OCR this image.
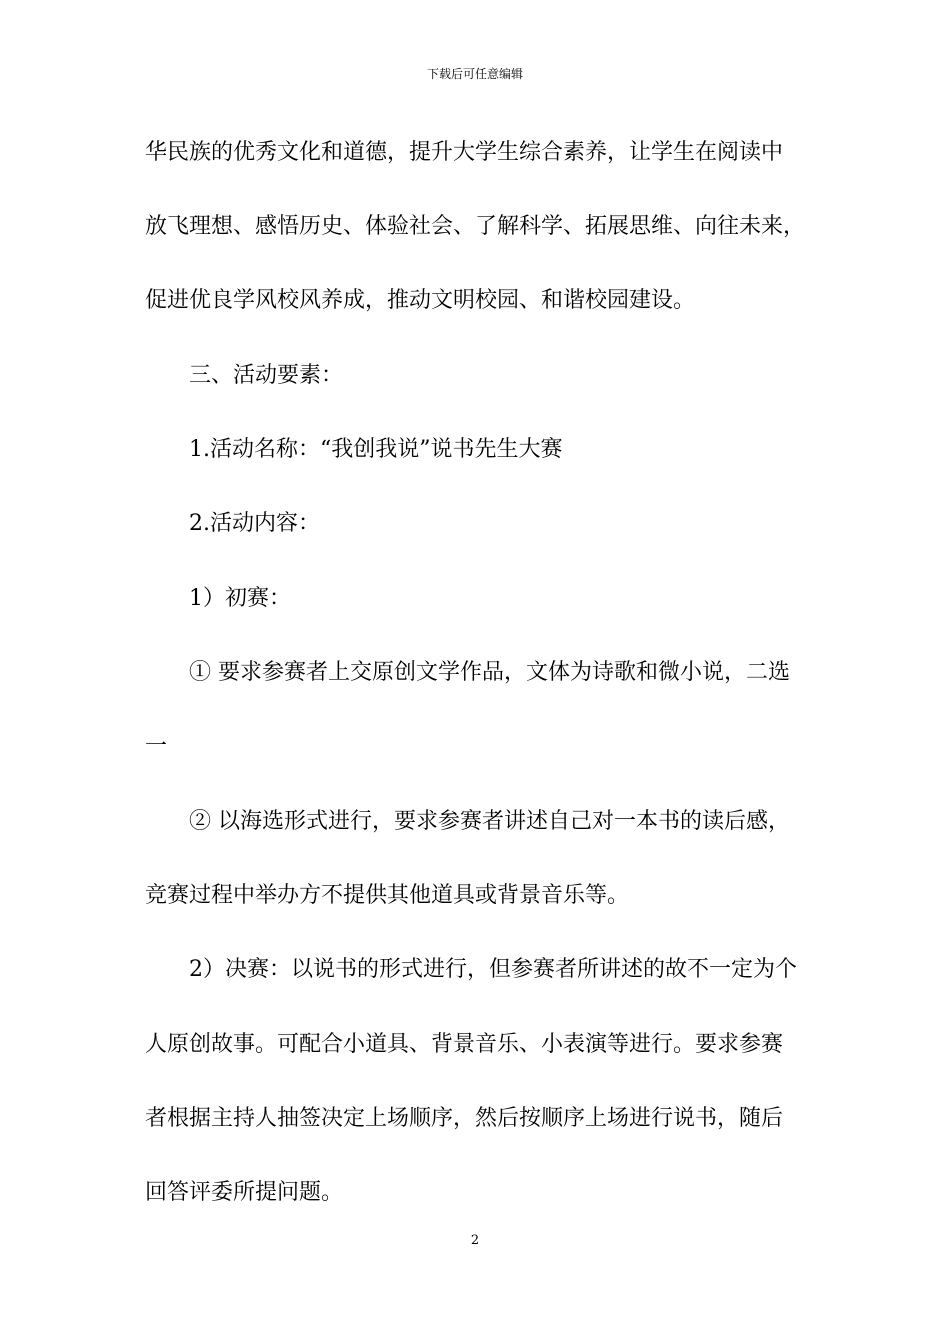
下载后可任意编辑
华民族的优秀文化和道德，提升大学生综合素养，让学生在阅读中
放飞理想、感悟历史、体验社会、了解科学、拓展思维、向往未来，
促进优良学风校风养成，推动文明校园、和谐校园建设。
三、活动要素：
1.活动名称：“我创我说”说书先生大赛
2.活动内容：
1）初赛：
① 要求参赛者上交原创文学作品，文体为诗歌和微小说，二选
一
② 以海选形式进行，要求参赛者讲述自己对一本书的读后感，
竞赛过程中举办方不提供其他道具或背景音乐等。
2）决赛：以说书的形式进行，但参赛者所讲述的故不一定为个
人原创故事。可配合小道具、背景音乐、小表演等进行。要求参赛
者根据主持人抽签决定上场顺序，然后按顺序上场进行说书，随后
回答评委所提问题。
2
